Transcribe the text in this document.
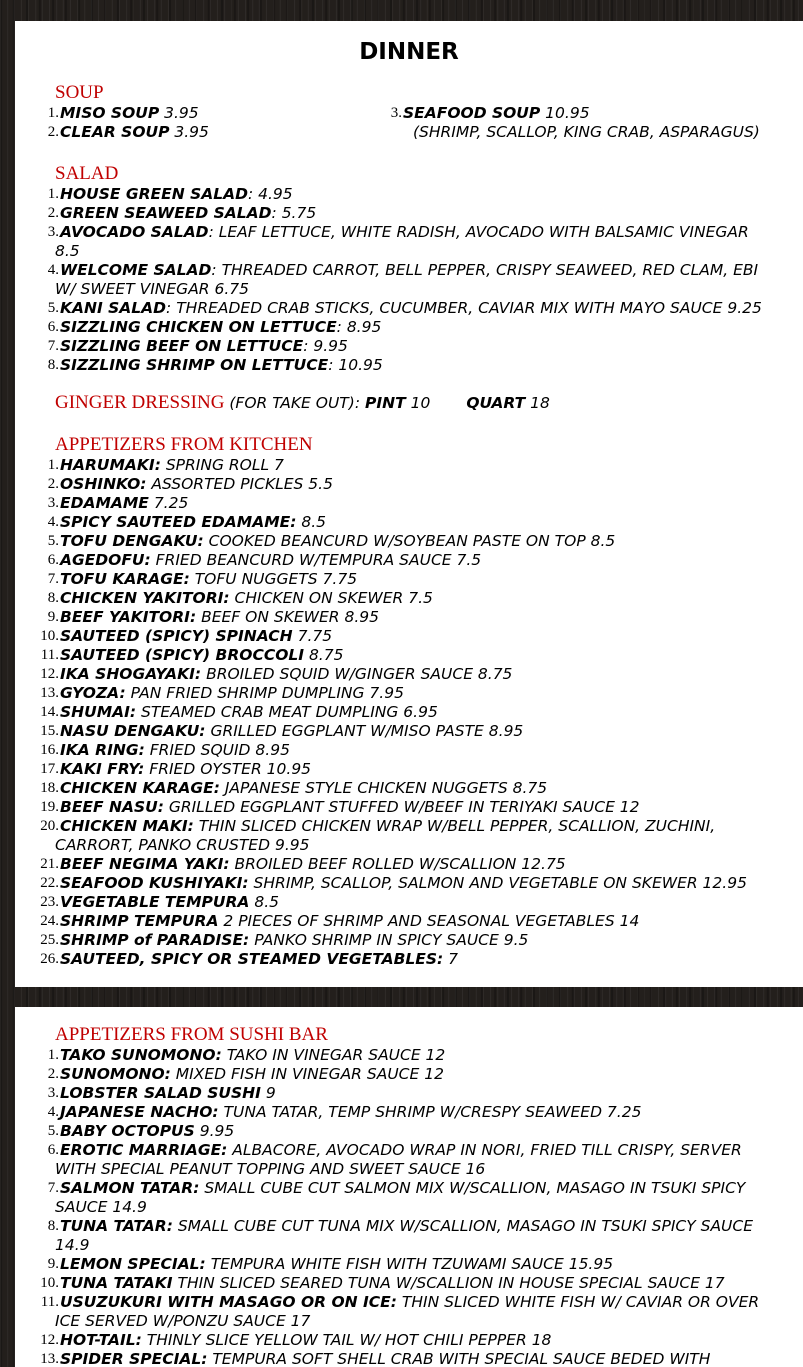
DINNER
SOUP
1. MISO SOUP 3.95
2. CLEAR SOUP 3.95
3. SEAFOOD SOUP 10.95
(SHRIMP, SCALLOP, KING CRAB, ASPARAGUS)
SALAD
1. HOUSE GREEN SALAD: 4.95
2. GREEN SEAWEED SALAD: 5.75
3. AVOCADO SALAD: LEAF LETTUCE, WHITE RADISH, AVOCADO WITH BALSAMIC VINEGAR
8.5
4. WELCOME SALAD: THREADED CARROT, BELL PEPPER, CRISPY SEAWEED, RED CLAM, EBI
W/ SWEET VINEGAR 6.75
5. KANI SALAD: THREADED CRAB STICKS, CUCUMBER, CAVIAR MIX WITH MAYO SAUCE 9.25
6. SIZZLING CHICKEN ON LETTUCE: 8.95
7. SIZZLING BEEF ON LETTUCE: 9.95
8. SIZZLING SHRIMP ON LETTUCE: 10.95

GINGER DRESSING (FOR TAKE OUT): PINT 10 QUART 18

APPETIZERS FROM KITCHEN
1. HARUMAKI: SPRING ROLL 7
2. OSHINKO: ASSORTED PICKLES 5.5
3. EDAMAME 7.25
4. SPICY SAUTEED EDAMAME: 8.5
5. TOFU DENGAKU: COOKED BEANCURD W/SOYBEAN PASTE ON TOP 8.5
6. AGEDOFU: FRIED BEANCURD W/TEMPURA SAUCE 7.5
7. TOFU KARAGE: TOFU NUGGETS 7.75
8. CHICKEN YAKITORI: CHICKEN ON SKEWER 7.5
9. BEEF YAKITORI: BEEF ON SKEWER 8.95
10. SAUTEED (SPICY) SPINACH 7.75
11. SAUTEED (SPICY) BROCCOLI 8.75
12. IKA SHOGAYAKI: BROILED SQUID W/GINGER SAUCE 8.75
13. GYOZA: PAN FRIED SHRIMP DUMPLING 7.95
14. SHUMAI: STEAMED CRAB MEAT DUMPLING 6.95
15. NASU DENGAKU: GRILLED EGGPLANT W/MISO PASTE 8.95
16. IKA RING: FRIED SQUID 8.95
17. KAKI FRY: FRIED OYSTER 10.95
18. CHICKEN KARAGE: JAPANESE STYLE CHICKEN NUGGETS 8.75
19. BEEF NASU: GRILLED EGGPLANT STUFFED W/BEEF IN TERIYAKI SAUCE 12
20. CHICKEN MAKI: THIN SLICED CHICKEN WRAP W/BELL PEPPER, SCALLION, ZUCHINI,
CARRORT, PANKO CRUSTED 9.95
21. BEEF NEGIMA YAKI: BROILED BEEF ROLLED W/SCALLION 12.75
22. SEAFOOD KUSHIYAKI: SHRIMP, SCALLOP, SALMON AND VEGETABLE ON SKEWER 12.95
23. VEGETABLE TEMPURA 8.5
24. SHRIMP TEMPURA 2 PIECES OF SHRIMP AND SEASONAL VEGETABLES 14
25. SHRIMP of PARADISE: PANKO SHRIMP IN SPICY SAUCE 9.5
26. SAUTEED, SPICY OR STEAMED VEGETABLES: 7
APPETIZERS FROM SUSHI BAR
1. TAKO SUNOMONO: TAKO IN VINEGAR SAUCE 12
2. SUNOMONO: MIXED FISH IN VINEGAR SAUCE 12
3. LOBSTER SALAD SUSHI 9
4. JAPANESE NACHO: TUNA TATAR, TEMP SHRIMP W/CRESPY SEAWEED 7.25
5. BABY OCTOPUS 9.95
6. EROTIC MARRIAGE: ALBACORE, AVOCADO WRAP IN NORI, FRIED TILL CRISPY, SERVER
WITH SPECIAL PEANUT TOPPING AND SWEET SAUCE 16
7. SALMON TATAR: SMALL CUBE CUT SALMON MIX W/SCALLION, MASAGO IN TSUKI SPICY
SAUCE 14.9
8. TUNA TATAR: SMALL CUBE CUT TUNA MIX W/SCALLION, MASAGO IN TSUKI SPICY SAUCE
14.9
9. LEMON SPECIAL: TEMPURA WHITE FISH WITH TZUWAMI SAUCE 15.95
10. TUNA TATAKI THIN SLICED SEARED TUNA W/SCALLION IN HOUSE SPECIAL SAUCE 17
11. USUZUKURI WITH MASAGO OR ON ICE: THIN SLICED WHITE FISH W/ CAVIAR OR OVER
ICE SERVED W/PONZU SAUCE 17
12. HOT-TAIL: THINLY SLICE YELLOW TAIL W/ HOT CHILI PEPPER 18
13. SPIDER SPECIAL: TEMPURA SOFT SHELL CRAB WITH SPECIAL SAUCE BEDED WITH
